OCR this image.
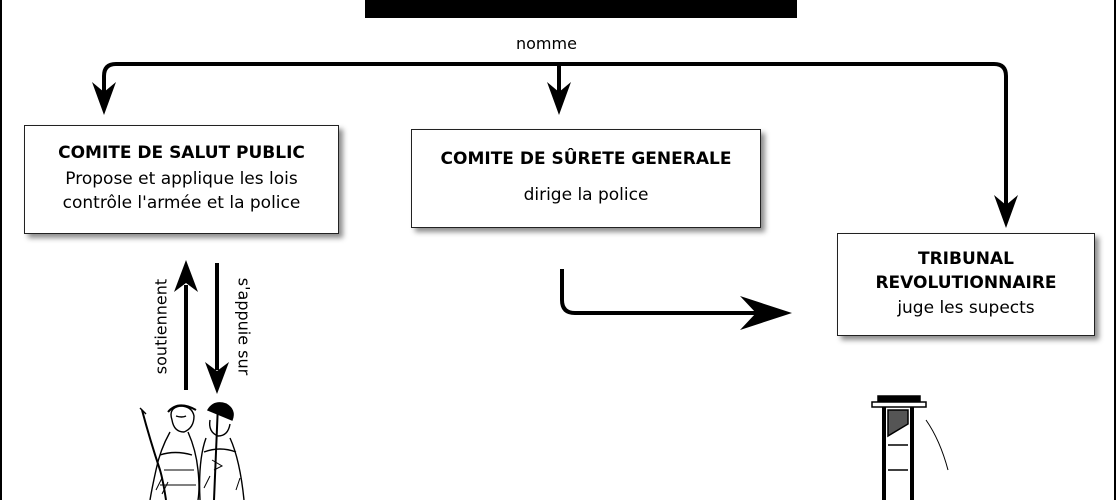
nomme
soutiennent	s'appuie sur
COMITE DE SALUT PUBLIC
Propose et applique les lois
contrôle l'armée et la police
COMITE DE SÛRETE GENERALE
dirige la police
TRIBUNAL
REVOLUTIONNAIRE
juge les supects
